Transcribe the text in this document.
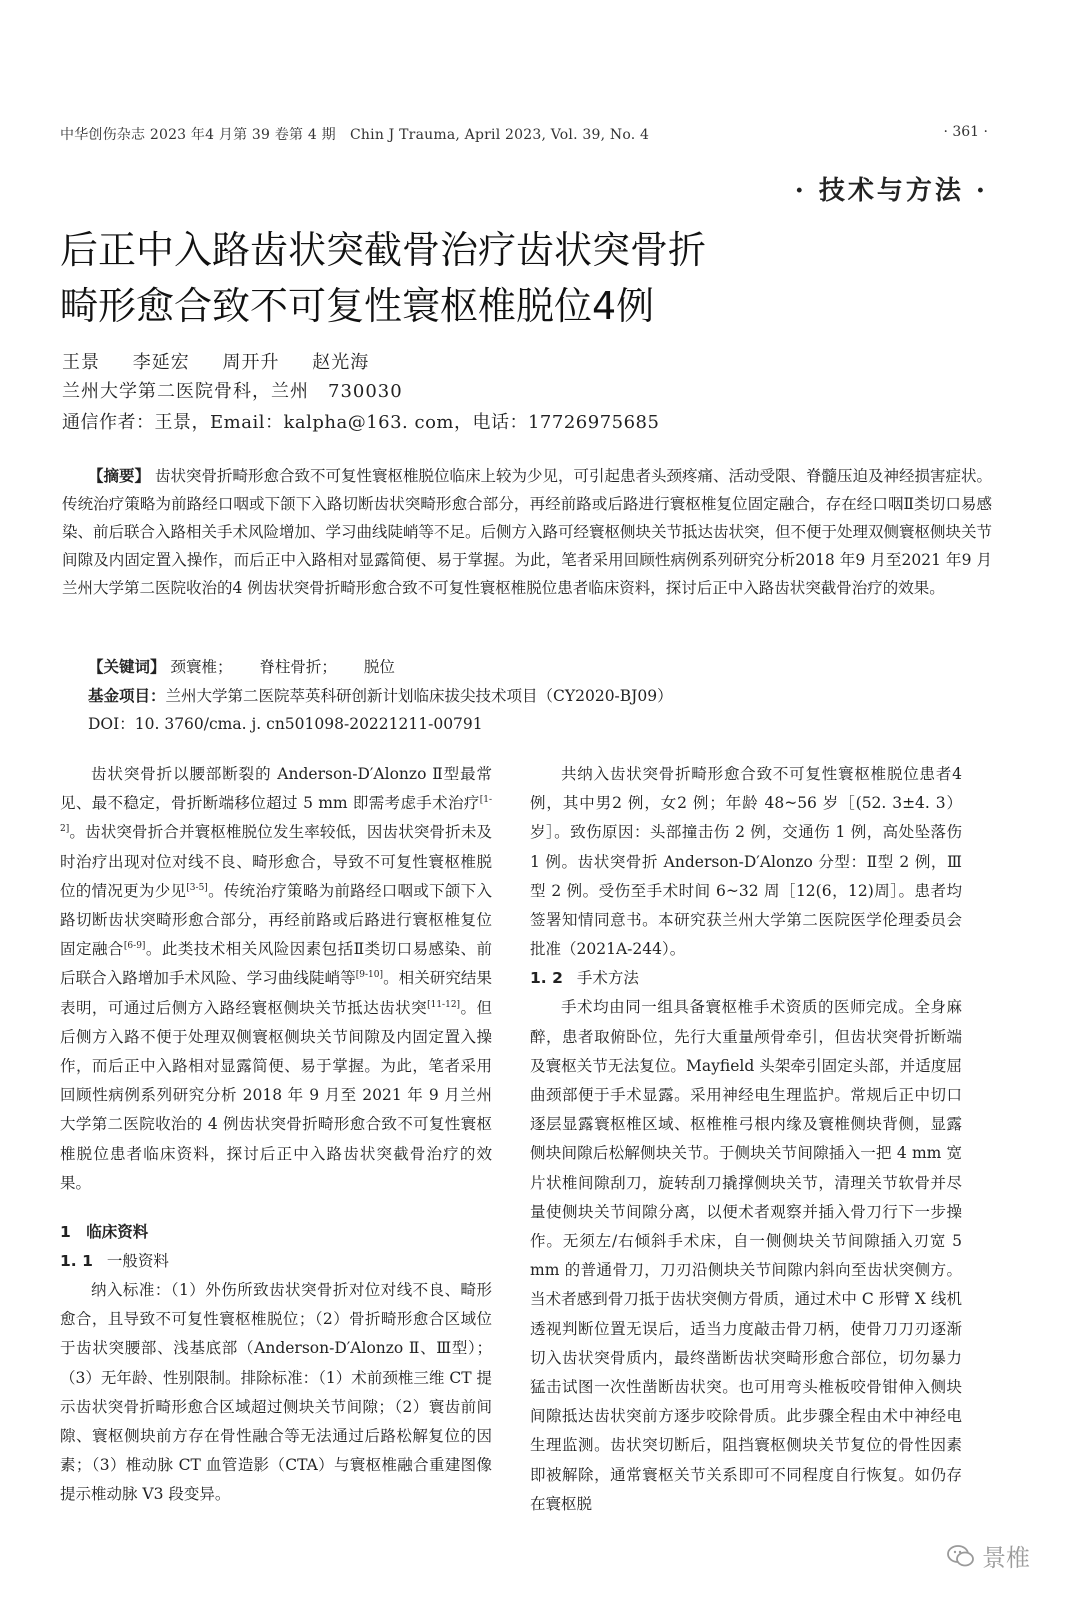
中华创伤杂志 2023 年4 月第 39 卷第 4 期　Chin J Trauma, April 2023, Vol. 39, No. 4	· 361 ·
· 技术与方法 ·
后正中入路齿状突截骨治疗齿状突骨折
畸形愈合致不可复性寰枢椎脱位4例
王景 李延宏 周开升 赵光海
兰州大学第二医院骨科，兰州　730030
通信作者：王景，Email：kalpha@163. com，电话：17726975685
【摘要】 齿状突骨折畸形愈合致不可复性寰枢椎脱位临床上较为少见，可引起患者头颈疼痛、活动受限、脊髓压迫及神经损害症状。传统治疗策略为前路经口咽或下颌下入路切断齿状突畸形愈合部分，再经前路或后路进行寰枢椎复位固定融合，存在经口咽Ⅱ类切口易感染、前后联合入路相关手术风险增加、学习曲线陡峭等不足。后侧方入路可经寰枢侧块关节抵达齿状突，但不便于处理双侧寰枢侧块关节间隙及内固定置入操作，而后正中入路相对显露简便、易于掌握。为此，笔者采用回顾性病例系列研究分析2018 年9 月至2021 年9 月兰州大学第二医院收治的4 例齿状突骨折畸形愈合致不可复性寰枢椎脱位患者临床资料，探讨后正中入路齿状突截骨治疗的效果。
【关键词】 颈寰椎； 脊柱骨折； 脱位
基金项目：兰州大学第二医院萃英科研创新计划临床拔尖技术项目（CY2020-BJ09）
DOI：10. 3760/cma. j. cn501098-20221211-00791

齿状突骨折以腰部断裂的 Anderson-D′Alonzo Ⅱ型最常见、最不稳定，骨折断端移位超过 5 mm 即需考虑手术治疗[1-2]。齿状突骨折合并寰枢椎脱位发生率较低，因齿状突骨折未及时治疗出现对位对线不良、畸形愈合，导致不可复性寰枢椎脱位的情况更为少见[3-5]。传统治疗策略为前路经口咽或下颌下入路切断齿状突畸形愈合部分，再经前路或后路进行寰枢椎复位固定融合[6-9]。此类技术相关风险因素包括Ⅱ类切口易感染、前后联合入路增加手术风险、学习曲线陡峭等[9-10]。相关研究结果表明，可通过后侧方入路经寰枢侧块关节抵达齿状突[11-12]。但后侧方入路不便于处理双侧寰枢侧块关节间隙及内固定置入操作，而后正中入路相对显露简便、易于掌握。为此，笔者采用回顾性病例系列研究分析 2018 年 9 月至 2021 年 9 月兰州大学第二医院收治的 4 例齿状突骨折畸形愈合致不可复性寰枢椎脱位患者临床资料，探讨后正中入路齿状突截骨治疗的效果。

1　临床资料
1. 1 一般资料

纳入标准：（1）外伤所致齿状突骨折对位对线不良、畸形愈合，且导致不可复性寰枢椎脱位；（2）骨折畸形愈合区域位于齿状突腰部、浅基底部（Anderson-D′Alonzo Ⅱ、Ⅲ型）；（3）无年龄、性别限制。排除标准：（1）术前颈椎三维 CT 提示齿状突骨折畸形愈合区域超过侧块关节间隙；（2）寰齿前间隙、寰枢侧块前方存在骨性融合等无法通过后路松解复位的因素；（3）椎动脉 CT 血管造影（CTA）与寰枢椎融合重建图像提示椎动脉 V3 段变异。

共纳入齿状突骨折畸形愈合致不可复性寰枢椎脱位患者4 例，其中男2 例，女2 例；年龄 48~56 岁［(52. 3±4. 3）岁］。致伤原因：头部撞击伤 2 例，交通伤 1 例，高处坠落伤 1 例。齿状突骨折 Anderson-D′Alonzo 分型：Ⅱ型 2 例，Ⅲ型 2 例。受伤至手术时间 6~32 周［12(6，12)周］。患者均签署知情同意书。本研究获兰州大学第二医院医学伦理委员会批准（2021A-244）。

1. 2 手术方法

手术均由同一组具备寰枢椎手术资质的医师完成。全身麻醉，患者取俯卧位，先行大重量颅骨牵引，但齿状突骨折断端及寰枢关节无法复位。Mayfield 头架牵引固定头部，并适度屈曲颈部便于手术显露。采用神经电生理监护。常规后正中切口逐层显露寰枢椎区域、枢椎椎弓根内缘及寰椎侧块背侧，显露侧块间隙后松解侧块关节。于侧块关节间隙插入一把 4 mm 宽片状椎间隙刮刀，旋转刮刀撬撑侧块关节，清理关节软骨并尽量使侧块关节间隙分离，以便术者观察并插入骨刀行下一步操作。无须左/右倾斜手术床，自一侧侧块关节间隙插入刃宽 5 mm 的普通骨刀，刀刃沿侧块关节间隙内斜向至齿状突侧方。当术者感到骨刀抵于齿状突侧方骨质，通过术中 C 形臂 X 线机透视判断位置无误后，适当力度敲击骨刀柄，使骨刀刀刃逐渐切入齿状突骨质内，最终凿断齿状突畸形愈合部位，切勿暴力猛击试图一次性凿断齿状突。也可用弯头椎板咬骨钳伸入侧块间隙抵达齿状突前方逐步咬除骨质。此步骤全程由术中神经电生理监测。齿状突切断后，阻挡寰枢侧块关节复位的骨性因素即被解除，通常寰枢关节关系即可不同程度自行恢复。如仍存在寰枢脱

景椎
